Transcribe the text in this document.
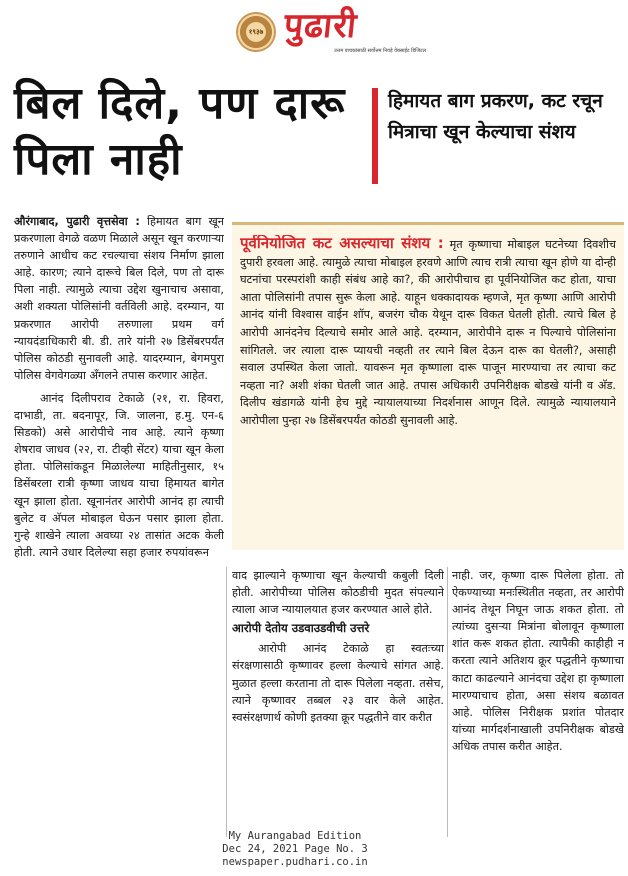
१९३७ पुढारी
उत्तम वाचकांसाठी सर्वोत्तम निवड़े वेबसाईट डिजिटल
बिल दिले, पण दारू पिला नाही
हिमायत बाग प्रकरण, कट रचून मित्राचा खून केल्याचा संशय

औरंगाबाद, पुढारी वृत्तसेवा : हिमायत बाग खून प्रकरणाला वेगळे वळण मिळाले असून खून करणाऱ्या तरुणाने आधीच कट रचल्याचा संशय निर्माण झाला आहे. कारण; त्याने दारूचे बिल दिले, पण तो दारू पिला नाही. त्यामुळे त्याचा उद्देश खुनाचाच असावा, अशी शक्यता पोलिसांनी वर्तविली आहे. दरम्यान, या प्रकरणात आरोपी तरुणाला प्रथम वर्ग न्यायदंडाधिकारी बी. डी. तारे यांनी २७ डिसेंबरपर्यंत पोलिस कोठडी सुनावली आहे. यादरम्यान, बेगमपुरा पोलिस वेगवेगळ्या अँगलने तपास करणार आहेत.

आनंद दिलीपराव टेकाळे (२१, रा. हिवरा, दाभाडी, ता. बदनापूर, जि. जालना, ह.मु. एन-६ सिडको) असे आरोपीचे नाव आहे. त्याने कृष्णा शेषराव जाधव (२२, रा. टीव्ही सेंटर) याचा खून केला होता. पोलिसांकडून मिळालेल्या माहितीनुसार, १५ डिसेंबरला रात्री कृष्णा जाधव याचा हिमायत बागेत खून झाला होता. खूनानंतर आरोपी आनंद हा त्याची बुलेट व अ‍ॅपल मोबाइल घेऊन पसार झाला होता. गुन्हे शाखेने त्याला अवघ्या २४ तासांत अटक केली होती. त्याने उधार दिलेल्या सहा हजार रुपयांवरून

पूर्वनियोजित कट असल्याचा संशय : मृत कृष्णाचा मोबाइल घटनेच्या दिवशीच दुपारी हरवला आहे. त्यामुळे त्याचा मोबाइल हरवणे आणि त्याच रात्री त्याचा खून होणे या दोन्ही घटनांचा परस्परांशी काही संबंध आहे का?, की आरोपीचाच हा पूर्वनियोजित कट होता, याचा आता पोलिसांनी तपास सुरू केला आहे. याहून धक्कादायक म्हणजे, मृत कृष्णा आणि आरोपी आनंद यांनी विश्वास वाईन शॉप, बजरंग चौक येथून दारू विकत घेतली होती. त्याचे बिल हे आरोपी आनंदनेच दिल्याचे समोर आले आहे. दरम्यान, आरोपीने दारू न पिल्याचे पोलिसांना सांगितले. जर त्याला दारू प्यायची नव्हती तर त्याने बिल देऊन दारू का घेतली?, असाही सवाल उपस्थित केला जातो. यावरून मृत कृष्णाला दारू पाजून मारण्याचा तर त्याचा कट नव्हता ना? अशी शंका घेतली जात आहे. तपास अधिकारी उपनिरीक्षक बोडखे यांनी व अ‍ॅड. दिलीप खंडागळे यांनी हेच मुद्दे न्यायालयाच्या निदर्शनास आणून दिले. त्यामुळे न्यायालयाने आरोपीला पुन्हा २७ डिसेंबरपर्यंत कोठडी सुनावली आहे.

वाद झाल्याने कृष्णाचा खून केल्याची कबुली दिली होती. आरोपीच्या पोलिस कोठडीची मुदत संपल्याने त्याला आज न्यायालयात हजर करण्यात आले होते.

आरोपी देतोय उडवाउडवीची उत्तरे

आरोपी आनंद टेकाळे हा स्वतःच्या संरक्षणासाठी कृष्णावर हल्ला केल्याचे सांगत आहे. मुळात हल्ला करताना तो दारू पिलेला नव्हता. तसेच, त्याने कृष्णावर तब्बल २३ वार केले आहेत. स्वसंरक्षणार्थ कोणी इतक्या क्रूर पद्धतीने वार करीत

नाही. जर, कृष्णा दारू पिलेला होता. तो ऐकण्याच्या मनःस्थितीत नव्हता, तर आरोपी आनंद तेथून निघून जाऊ शकत होता. तो त्यांच्या दुसऱ्या मित्रांना बोलावून कृष्णाला शांत करू शकत होता. त्यापैकी काहीही न करता त्याने अतिशय क्रूर पद्धतीने कृष्णाचा काटा काढल्याने आनंदचा उद्देश हा कृष्णाला मारण्याचाच होता, असा संशय बळावत आहे. पोलिस निरीक्षक प्रशांत पोतदार यांच्या मार्गदर्शनाखाली उपनिरीक्षक बोडखे अधिक तपास करीत आहेत.

My Aurangabad Edition
Dec 24, 2021 Page No. 3
newspaper.pudhari.co.in
